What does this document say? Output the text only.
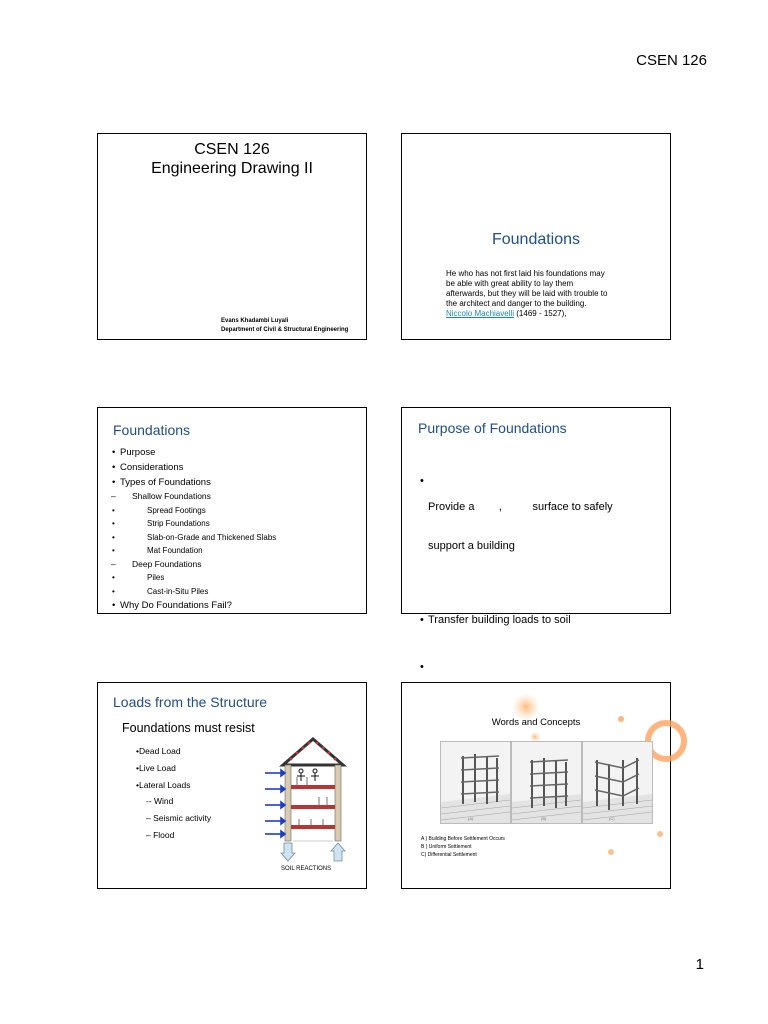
CSEN 126
CSEN 126
Engineering Drawing II
Evans Khadambi Luyali
Department of Civil & Structural Engineering
Foundations
He who has not first laid his foundations may
be able with great ability to lay them
afterwards, but they will be laid with trouble to
the architect and danger to the building.
Niccolo Machiavelli (1469 - 1527),
Foundations
• Purpose
• Considerations
• Types of Foundations
– Shallow Foundations
• Spread Footings
• Strip Foundations
• Slab-on-Grade and Thickened Slabs
• Mat Foundation
– Deep Foundations
• Piles
• Cast-in-Situ Piles
• Why Do Foundations Fail?
Purpose of Foundations

• Provide a        ,          surface to safely

support a building

• Transfer building loads to soil

•

Loads from the Structure
Foundations must resist
•Dead Load
•Live Load
•Lateral Loads
-- Wind
– Seismic activity
– Flood
SOIL REACTIONS
Words and Concepts
(A)	(B)	(C)
A ) Building Before Settlement Occurs
B ) Uniform Settlement
C) Differential Settlement
1
